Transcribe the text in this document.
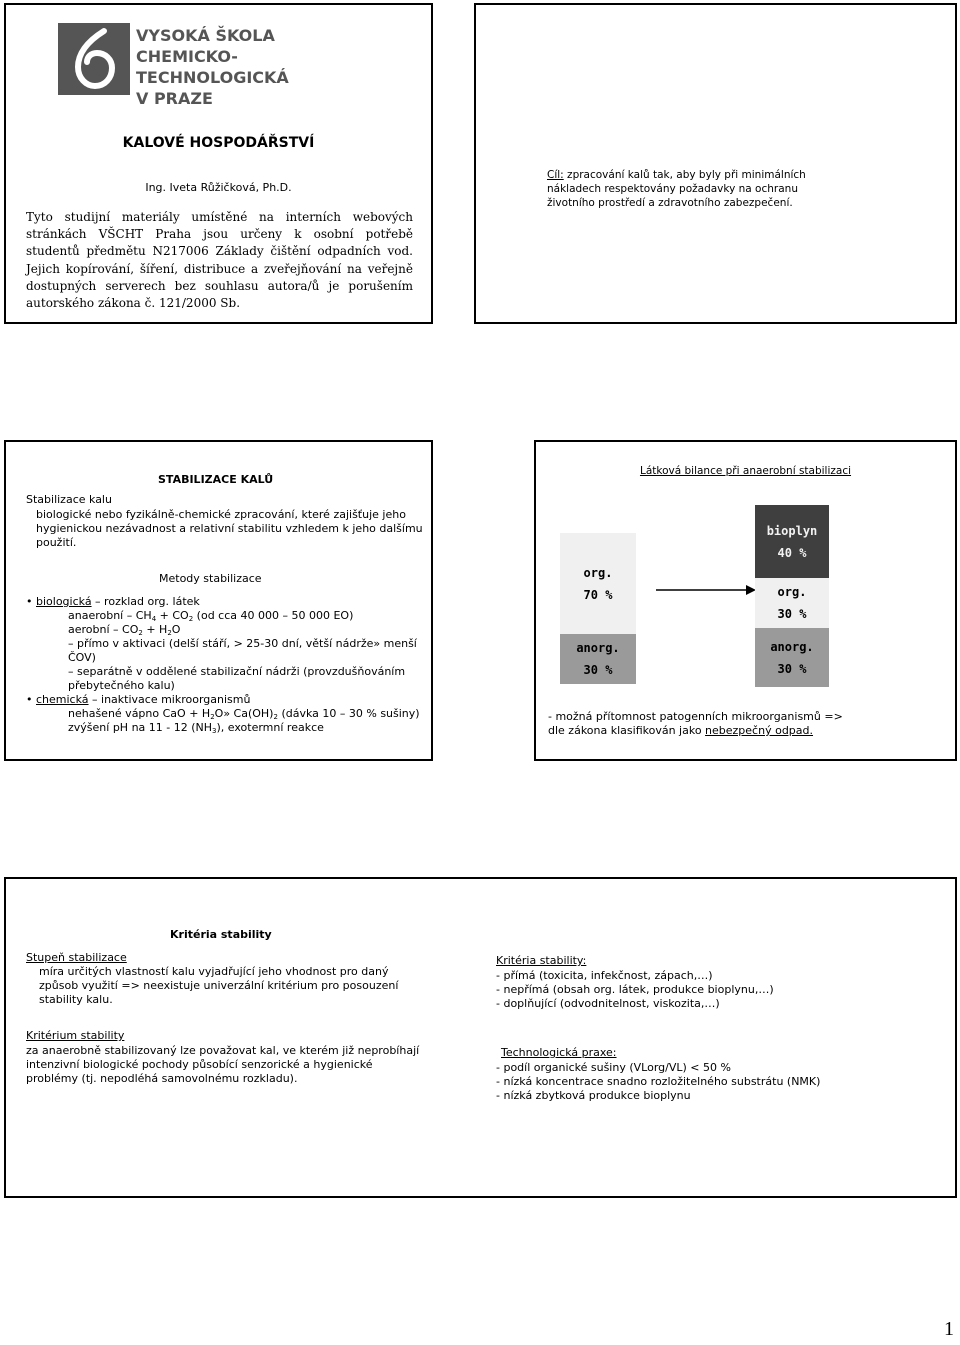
VYSOKÁ ŠKOLA
CHEMICKO-TECHNOLOGICKÁ
V PRAZE
KALOVÉ HOSPODÁŘSTVÍ
Ing. Iveta Růžičková, Ph.D.
Tyto studijní materiály umístěné na interních webových
stránkách VŠCHT Praha jsou určeny k osobní potřebě
studentů předmětu N217006 Základy čištění odpadních vod.
Jejich kopírování, šíření, distribuce a zveřejňování na veřejně
dostupných serverech bez souhlasu autora/ů je porušením
autorského zákona č. 121/2000 Sb.
Cíl: zpracování kalů tak, aby byly při minimálních
nákladech respektovány požadavky na ochranu
životního prostředí a zdravotního zabezpečení.
STABILIZACE KALŮ
Stabilizace kalu
biologické nebo fyzikálně-chemické zpracování, které zajišťuje jeho
hygienickou nezávadnost a relativní stabilitu vzhledem k jeho dalšímu
použití.
Metody stabilizace
• biologická – rozklad org. látek
anaerobní – $CH_4 + CO_2$ (od cca 40 000 – 50 000 EO)
aerobní – $CO_2 + H_2O$
– přímo v aktivaci (delší stáří, > 25-30 dní, větší nádrže» menší
ČOV)
– separátně v oddělené stabilizační nádrži (provzdušňováním
přebytečného kalu)
• chemická – inaktivace mikroorganismů
nehašené vápno CaO + $H_2O$» $Ca(OH)_2$ (dávka 10 – 30 % sušiny)
zvýšení pH na 11 - 12 $(NH_3)$, exotermní reakce
Látková bilance při anaerobní stabilizaci
org.
70 %
anorg.
30 %
bioplyn
40 %
org.
30 %
anorg.
30 %
- možná přítomnost patogenních mikroorganismů =>
dle zákona klasifikován jako nebezpečný odpad.
Kritéria stability
Stupeň stabilizace
míra určitých vlastností kalu vyjadřující jeho vhodnost pro daný
způsob využití => neexistuje univerzální kritérium pro posouzení
stability kalu.
Kritérium stability
za anaerobně stabilizovaný lze považovat kal, ve kterém již neprobíhají
intenzivní biologické pochody působící senzorické a hygienické
problémy (tj. nepodléhá samovolnému rozkladu).
Kritéria stability:
- přímá (toxicita, infekčnost, zápach,…)
- nepřímá (obsah org. látek, produkce bioplynu,…)
- doplňující (odvodnitelnost, viskozita,…)
Technologická praxe:
- podíl organické sušiny (VLorg/VL) < 50 %
- nízká koncentrace snadno rozložitelného substrátu (NMK)
- nízká zbytková produkce bioplynu
1
